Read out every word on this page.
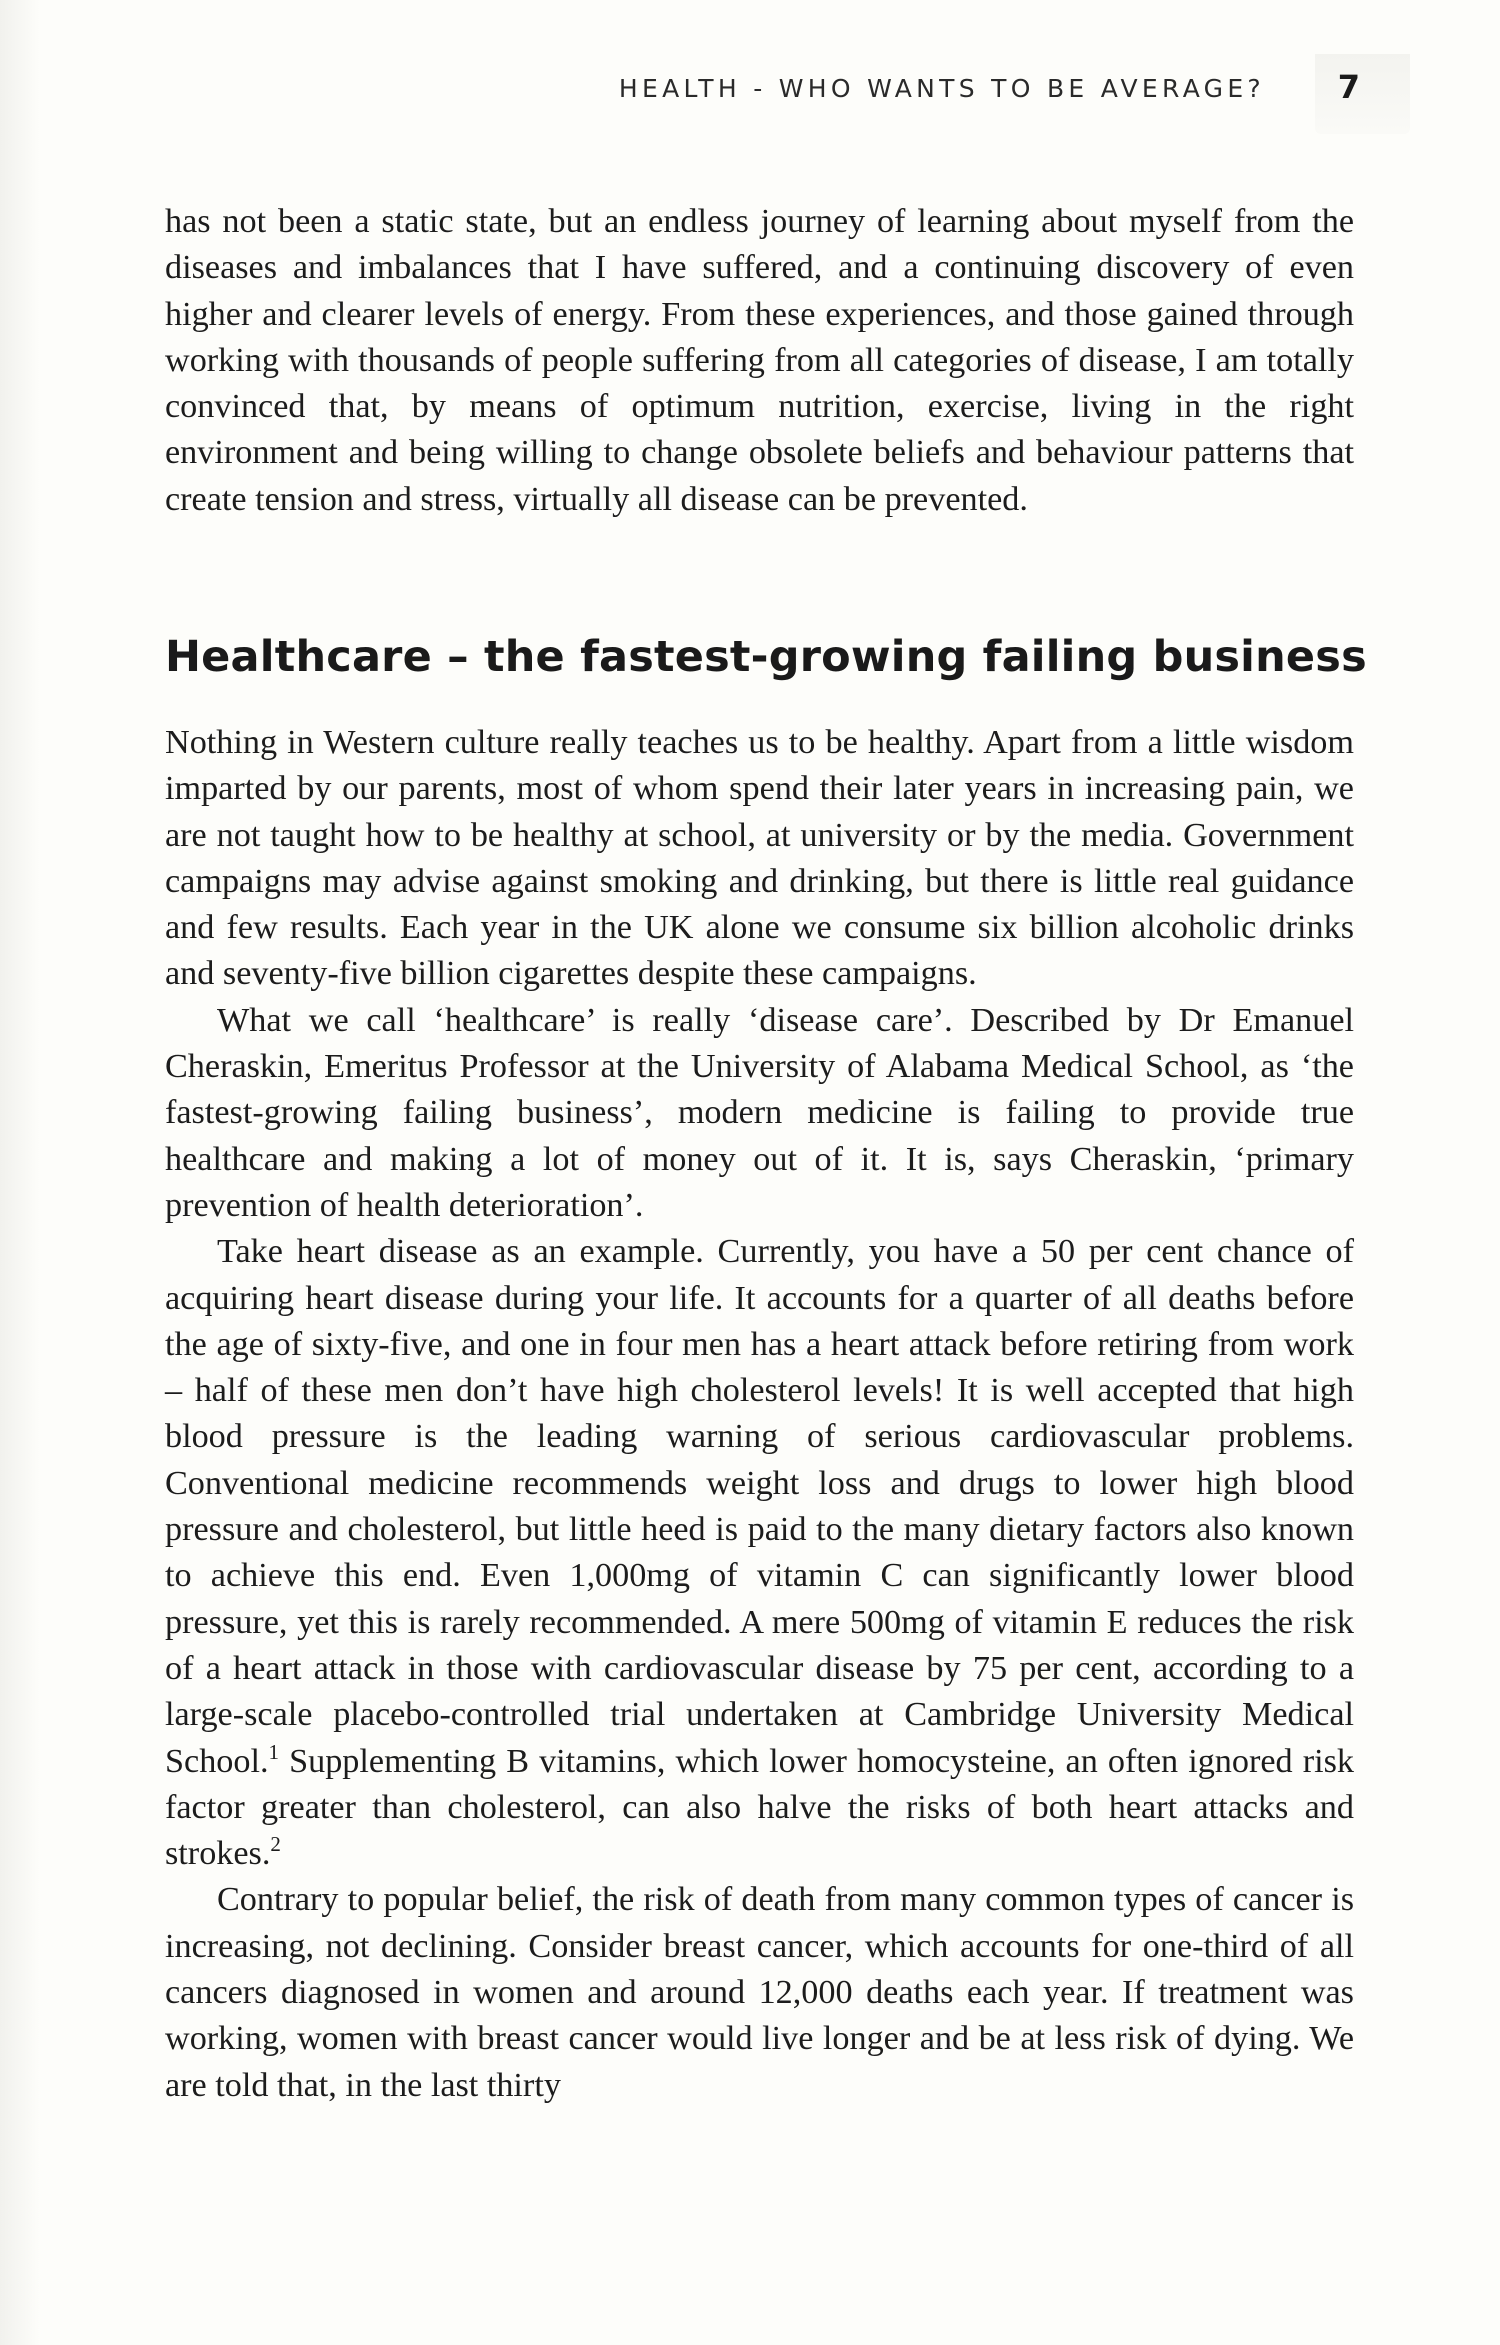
HEALTH - WHO WANTS TO BE AVERAGE? 7

has not been a static state, but an endless journey of learning about myself from the diseases and imbalances that I have suffered, and a continuing discovery of even higher and clearer levels of energy. From these experiences, and those gained through working with thousands of people suffering from all categories of disease, I am totally convinced that, by means of optimum nutrition, exercise, living in the right environment and being willing to change obsolete beliefs and behaviour patterns that create tension and stress, virtually all disease can be prevented.

Healthcare – the fastest-growing failing business

Nothing in Western culture really teaches us to be healthy. Apart from a little wisdom imparted by our parents, most of whom spend their later years in increasing pain, we are not taught how to be healthy at school, at university or by the media. Government campaigns may advise against smoking and drinking, but there is little real guidance and few results. Each year in the UK alone we consume six billion alcoholic drinks and seventy-five billion cigarettes despite these campaigns.

What we call ‘healthcare’ is really ‘disease care’. Described by Dr Emanuel Cheraskin, Emeritus Professor at the University of Alabama Medical School, as ‘the fastest-growing failing business’, modern medicine is failing to provide true healthcare and making a lot of money out of it. It is, says Cheraskin, ‘primary prevention of health deterioration’.

Take heart disease as an example. Currently, you have a 50 per cent chance of acquiring heart disease during your life. It accounts for a quarter of all deaths before the age of sixty-five, and one in four men has a heart attack before retiring from work – half of these men don’t have high cholesterol levels! It is well accepted that high blood pressure is the leading warning of serious cardiovascular problems. Conventional medicine recommends weight loss and drugs to lower high blood pressure and cholesterol, but little heed is paid to the many dietary factors also known to achieve this end. Even 1,000mg of vitamin C can significantly lower blood pressure, yet this is rarely recommended. A mere 500mg of vitamin E reduces the risk of a heart attack in those with cardiovascular disease by 75 per cent, according to a large-scale placebo-controlled trial undertaken at Cambridge University Medical School.$^1$ Supplementing B vitamins, which lower homocysteine, an often ignored risk factor greater than cholesterol, can also halve the risks of both heart attacks and strokes.$^2$

Contrary to popular belief, the risk of death from many common types of cancer is increasing, not declining. Consider breast cancer, which accounts for one-third of all cancers diagnosed in women and around 12,000 deaths each year. If treatment was working, women with breast cancer would live longer and be at less risk of dying. We are told that, in the last thirty
